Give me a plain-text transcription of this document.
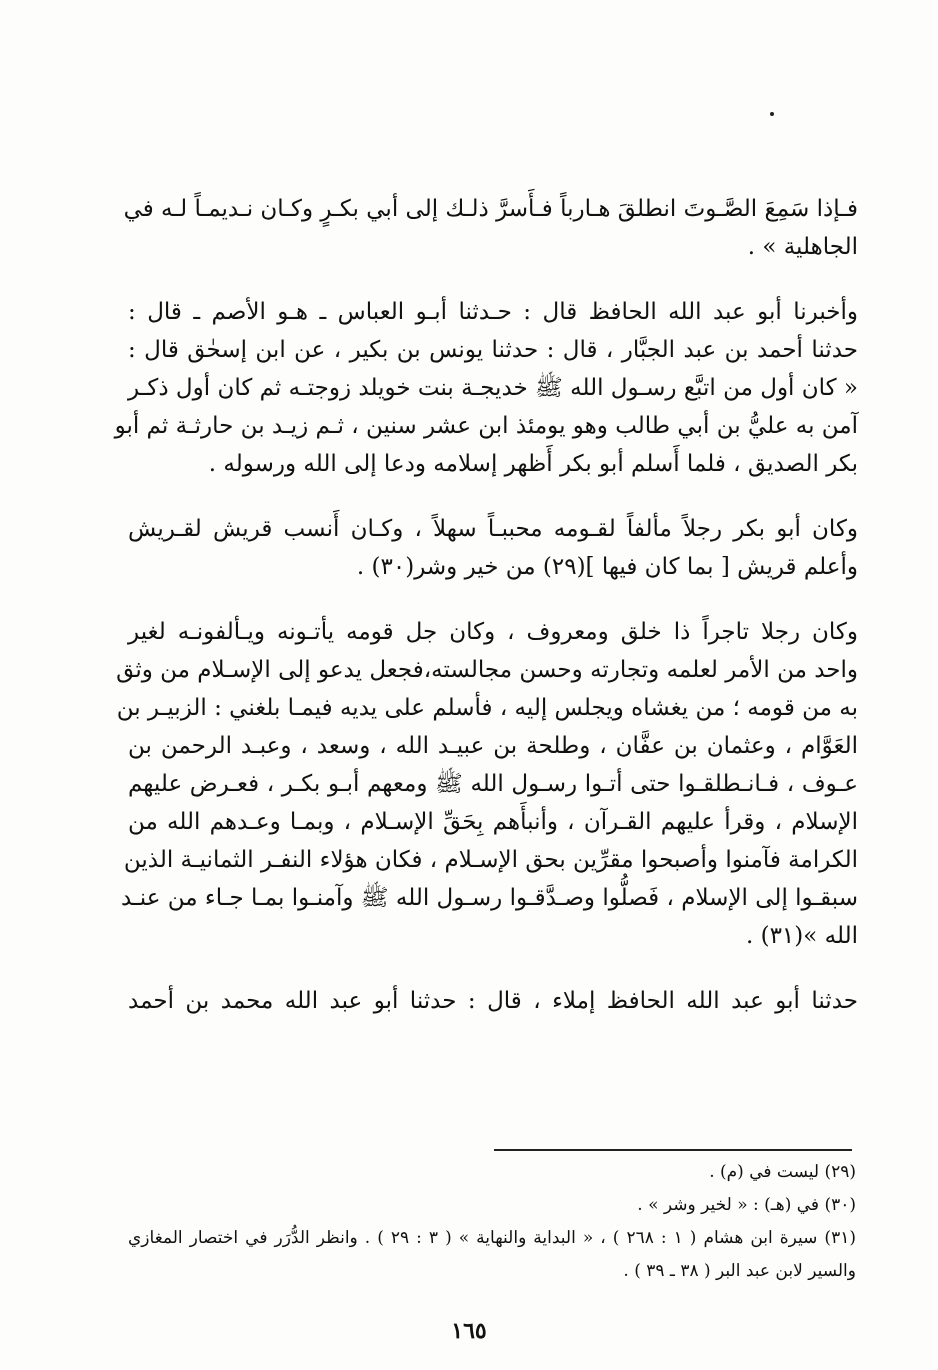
فـإذا سَمِعَ الصَّـوتَ انطلقَ هـارباً فـأَسرَّ ذلـك إلى أبي بكـرٍ وكـان نـديمـاً لـه في
الجاهلية » .
وأخبرنا أبو عبد الله الحافظ قال : حـدثنا أبـو العباس ـ هـو الأصم ـ قال :
حدثنا أحمد بن عبد الجبَّار ، قال : حدثنا يونس بن بكير ، عن ابن إسحٰق قال :
« كان أول من اتبَّع رسـول الله ﷺ خديجـة بنت خويلد زوجتـه ثم كان أول ذكـر
آمن به عليُّ بن أبي طالب وهو يومئذ ابن عشر سنين ، ثـم زيـد بن حارثـة ثم أبو
بكر الصديق ، فلما أَسلم أبو بكر أَظهر إسلامه ودعا إلى الله ورسوله .
وكان أبو بكر رجلاً مألفاً لقـومه محببـاً سهلاً ، وكـان أَنسب قريش لقـريش
وأعلم قريش [ بما كان فيها ](٢٩) من خير وشر(٣٠) .
وكان رجلا تاجراً ذا خلق ومعروف ، وكان جل قومه يأتـونه ويـألفونـه لغير
واحد من الأمر لعلمه وتجارته وحسن مجالسته،فجعل يدعو إلى الإسـلام من وثق
به من قومه ؛ من يغشاه ويجلس إليه ، فأسلم على يديه فيمـا بلغني : الزبيـر بن
العَوَّام ، وعثمان بن عفَّان ، وطلحة بن عبيـد الله ، وسعد ، وعبـد الرحمن بن
عـوف ، فـانـطلقـوا حتى أتـوا رسـول الله ﷺ ومعهم أبـو بكـر ، فعـرض عليهم
الإسلام ، وقرأ عليهم القـرآن ، وأنبأَهم بِحَقِّ الإسـلام ، وبمـا وعـدهم الله من
الكرامة فآمنوا وأصبحوا مقرِّين بحق الإسـلام ، فكان هؤلاء النفـر الثمانيـة الذين
سبقـوا إلى الإسلام ، فَصلُّوا وصـدَّقـوا رسـول الله ﷺ وآمنـوا بمـا جـاء من عنـد
الله »(٣١) .
حدثنا أبو عبد الله الحافظ إملاء ، قال : حدثنا أبو عبد الله محمد بن أحمد
(٢٩) ليست في (م) .
(٣٠) في (هـ) : « لخير وشر » .
(٣١) سيرة ابن هشام ( ١ : ٢٦٨ ) ، « البداية والنهاية » ( ٣ : ٢٩ ) . وانظر الدُّرَر في اختصار المغازي
والسير لابن عبد البر ( ٣٨ ـ ٣٩ ) .
١٦٥
